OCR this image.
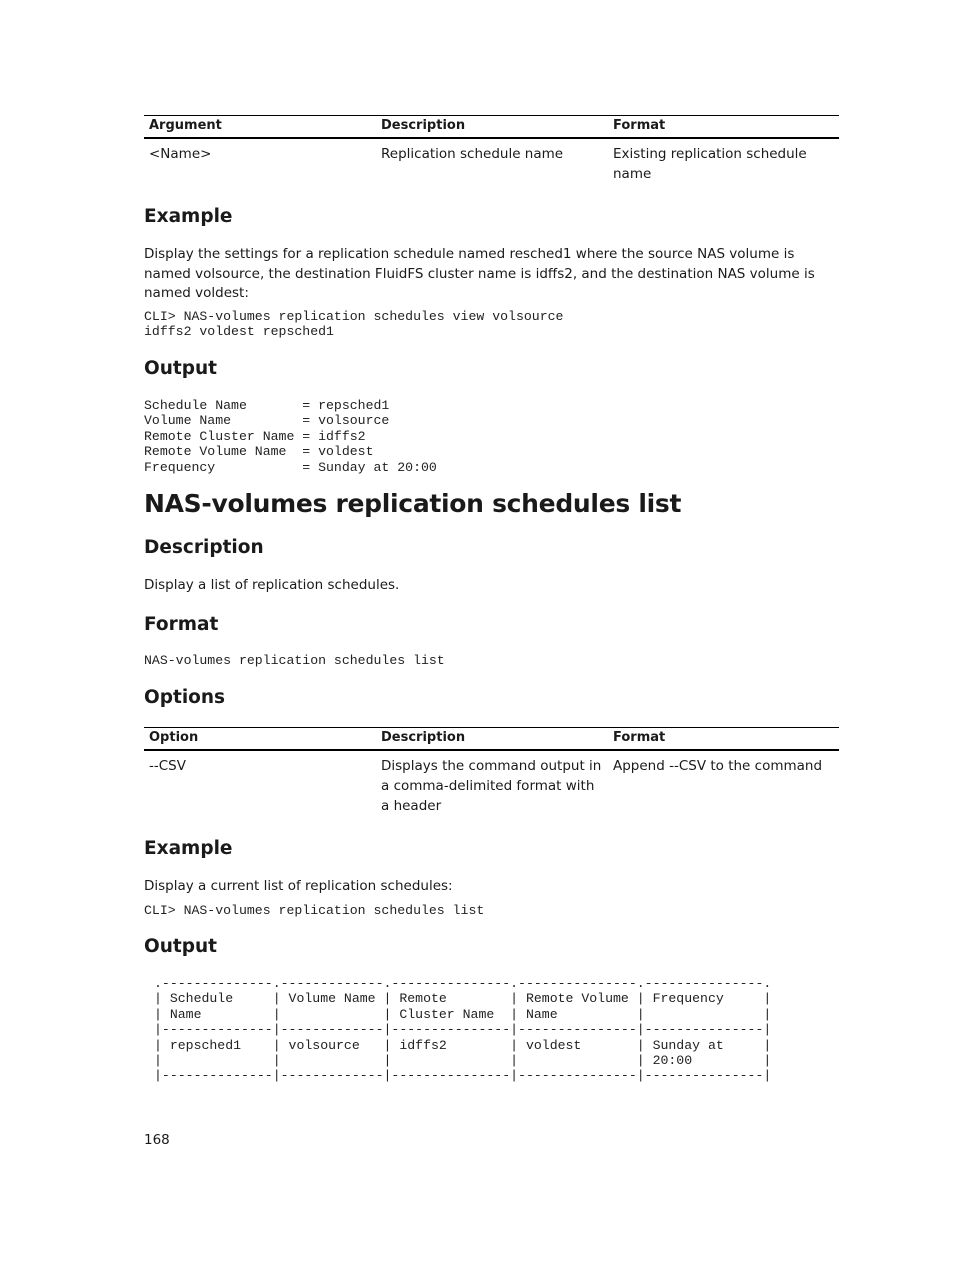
Argument	Description	Format
<Name>	Replication schedule name	Existing replication schedule name
Example

Display the settings for a replication schedule named resched1 where the source NAS volume is named volsource, the destination FluidFS cluster name is idffs2, and the destination NAS volume is named voldest:

CLI> NAS-volumes replication schedules view volsource
idffs2 voldest repsched1
Output
Schedule Name       = repsched1
Volume Name         = volsource
Remote Cluster Name = idffs2
Remote Volume Name  = voldest
Frequency           = Sunday at 20:00
NAS-volumes replication schedules list
Description

Display a list of replication schedules.

Format
NAS-volumes replication schedules list
Options
Option	Description	Format
--CSV	Displays the command output in a comma-delimited format with a header	Append --CSV to the command
Example

Display a current list of replication schedules:

CLI> NAS-volumes replication schedules list
Output
.--------------.-------------.---------------.---------------.---------------.
| Schedule     | Volume Name | Remote        | Remote Volume | Frequency     |
| Name         |             | Cluster Name  | Name          |               |
|--------------|-------------|---------------|---------------|---------------|
| repsched1    | volsource   | idffs2        | voldest       | Sunday at     |
|              |             |               |               | 20:00         |
|--------------|-------------|---------------|---------------|---------------|
168
